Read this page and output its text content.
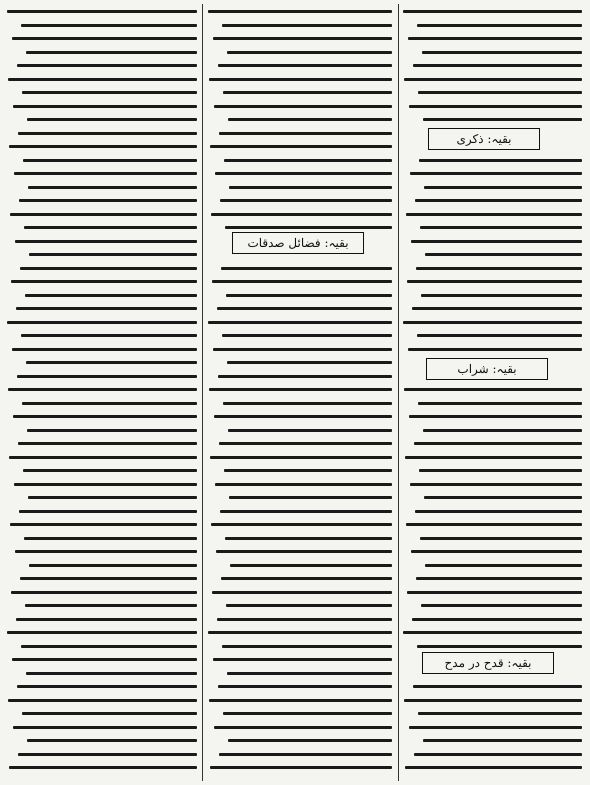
بقیہ: ذکری
بقیہ: شراب
بقیہ: قدح در مدح
بقیہ: فضائل صدقات
